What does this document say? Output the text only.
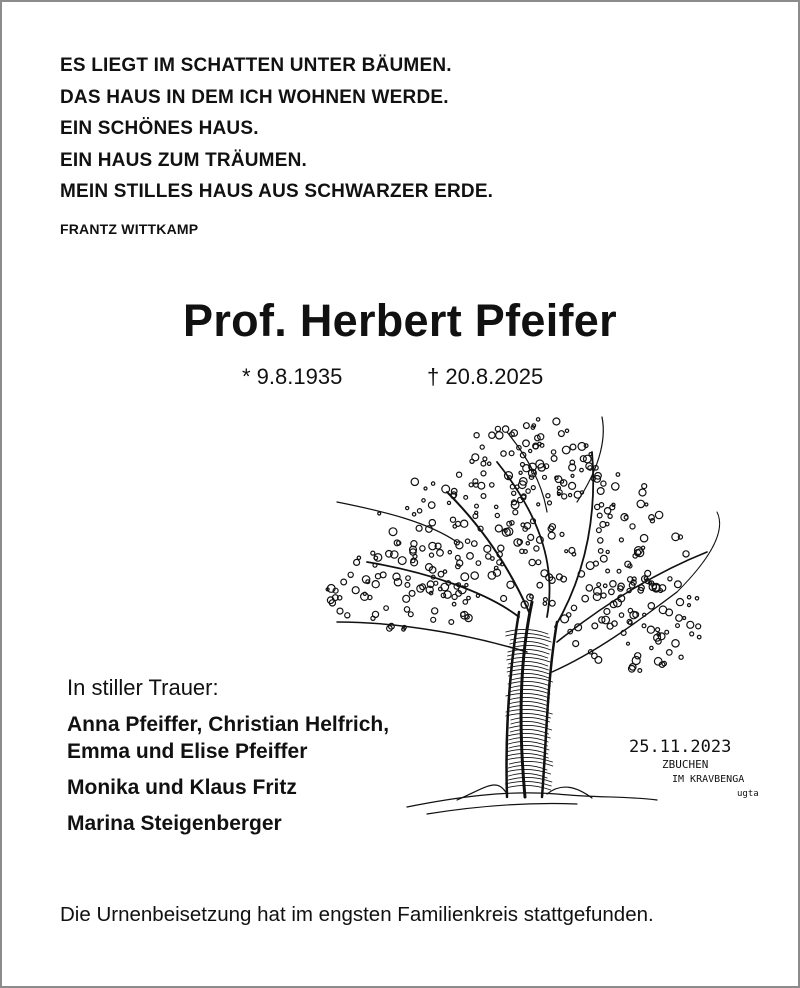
ES LIEGT IM SCHATTEN UNTER BÄUMEN.
DAS HAUS IN DEM ICH WOHNEN WERDE.
EIN SCHÖNES HAUS.
EIN HAUS ZUM TRÄUMEN.
MEIN STILLES HAUS AUS SCHWARZER ERDE.
FRANTZ WITTKAMP
Prof. Herbert Pfeifer
* 9.8.1935	† 20.8.2025
25.11.2023
ZBUCHEN
IM KRAVBENGA
ugta
In stiller Trauer:
Anna Pfeiffer, Christian Helfrich,
Emma und Elise Pfeiffer
Monika und Klaus Fritz
Marina Steigenberger
Die Urnenbeisetzung hat im engsten Familienkreis stattgefunden.
